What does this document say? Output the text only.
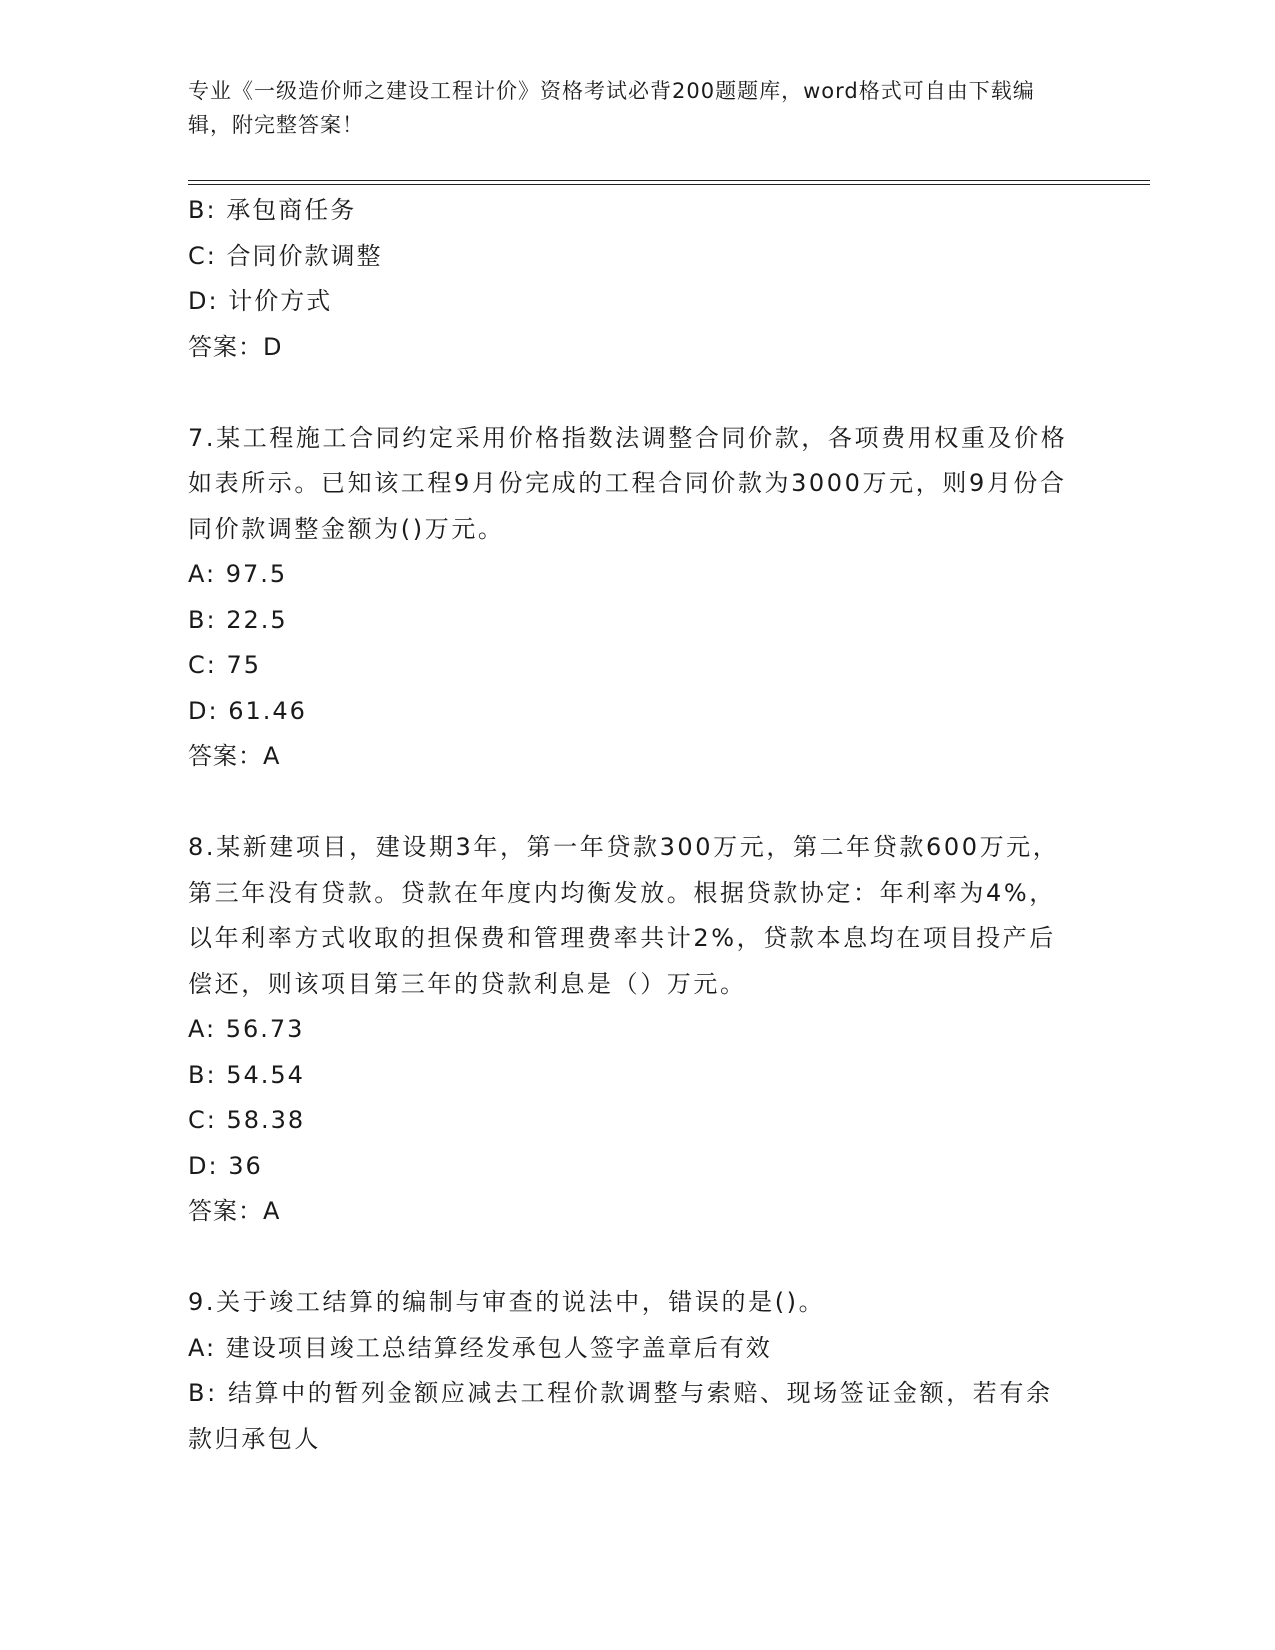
专业《一级造价师之建设工程计价》资格考试必背200题题库，word格式可自由下载编辑，附完整答案！

B: 承包商任务

C: 合同价款调整

D: 计价方式

答案：D

7.某工程施工合同约定采用价格指数法调整合同价款，各项费用权重及价格如表所示。已知该工程9月份完成的工程合同价款为3000万元，则9月份合同价款调整金额为()万元。

A: 97.5

B: 22.5

C: 75

D: 61.46

答案：A

8.某新建项目，建设期3年，第一年贷款300万元，第二年贷款600万元，第三年没有贷款。贷款在年度内均衡发放。根据贷款协定：年利率为4%，以年利率方式收取的担保费和管理费率共计2%，贷款本息均在项目投产后偿还，则该项目第三年的贷款利息是（）万元。

A: 56.73

B: 54.54

C: 58.38

D: 36

答案：A

9.关于竣工结算的编制与审查的说法中，错误的是()。

A: 建设项目竣工总结算经发承包人签字盖章后有效

B: 结算中的暂列金额应减去工程价款调整与索赔、现场签证金额，若有余款归承包人
